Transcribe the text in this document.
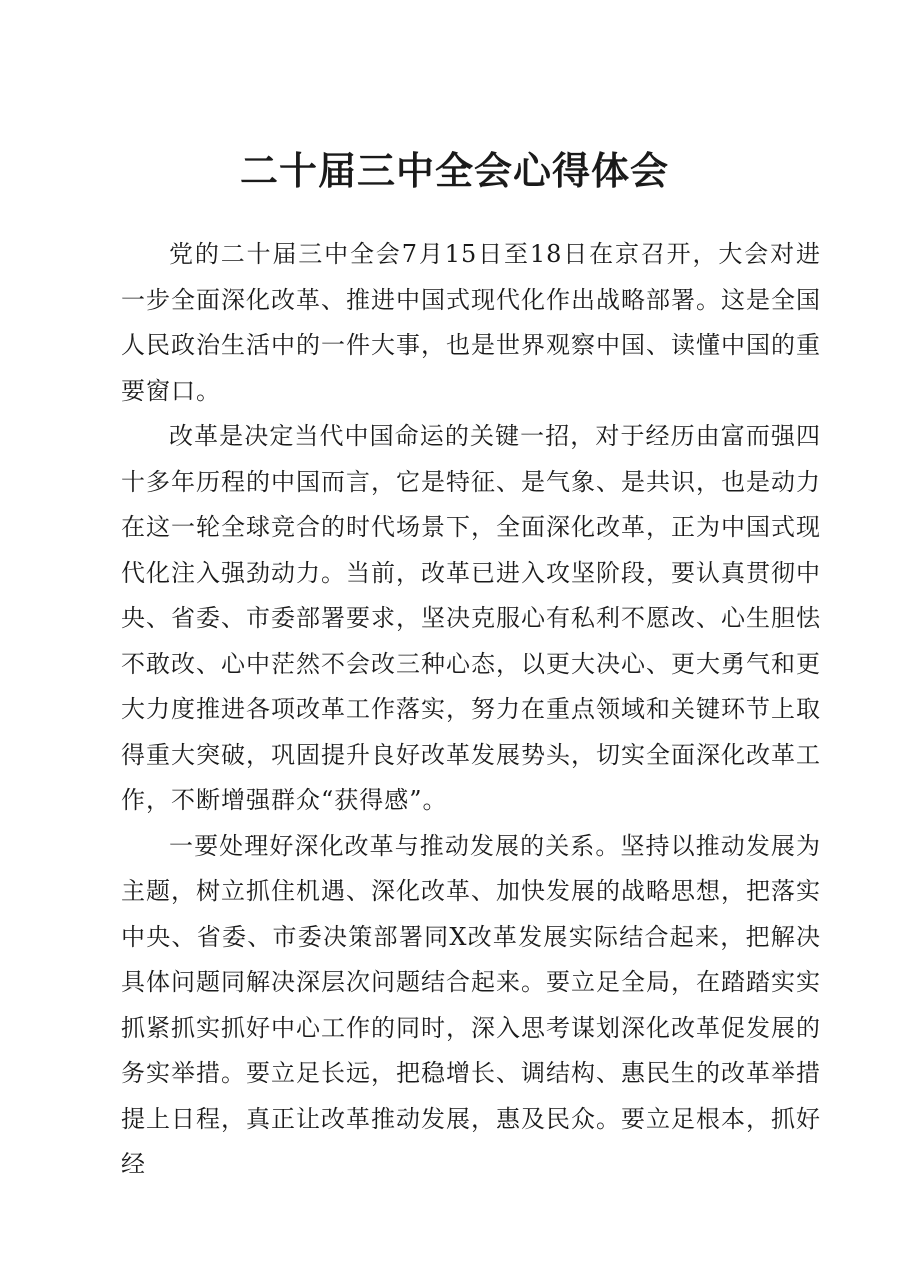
二十届三中全会心得体会

党的二十届三中全会7月15日至18日在京召开，大会对进一步全面深化改革、推进中国式现代化作出战略部署。这是全国人民政治生活中的一件大事，也是世界观察中国、读懂中国的重要窗口。

改革是决定当代中国命运的关键一招，对于经历由富而强四十多年历程的中国而言，它是特征、是气象、是共识，也是动力在这一轮全球竞合的时代场景下，全面深化改革，正为中国式现代化注入强劲动力。当前，改革已进入攻坚阶段，要认真贯彻中央、省委、市委部署要求，坚决克服心有私利不愿改、心生胆怯不敢改、心中茫然不会改三种心态，以更大决心、更大勇气和更大力度推进各项改革工作落实，努力在重点领域和关键环节上取得重大突破，巩固提升良好改革发展势头，切实全面深化改革工作，不断增强群众“获得感”。

一要处理好深化改革与推动发展的关系。坚持以推动发展为主题，树立抓住机遇、深化改革、加快发展的战略思想，把落实中央、省委、市委决策部署同X改革发展实际结合起来，把解决具体问题同解决深层次问题结合起来。要立足全局，在踏踏实实抓紧抓实抓好中心工作的同时，深入思考谋划深化改革促发展的务实举措。要立足长远，把稳增长、调结构、惠民生的改革举措提上日程，真正让改革推动发展，惠及民众。要立足根本，抓好经
